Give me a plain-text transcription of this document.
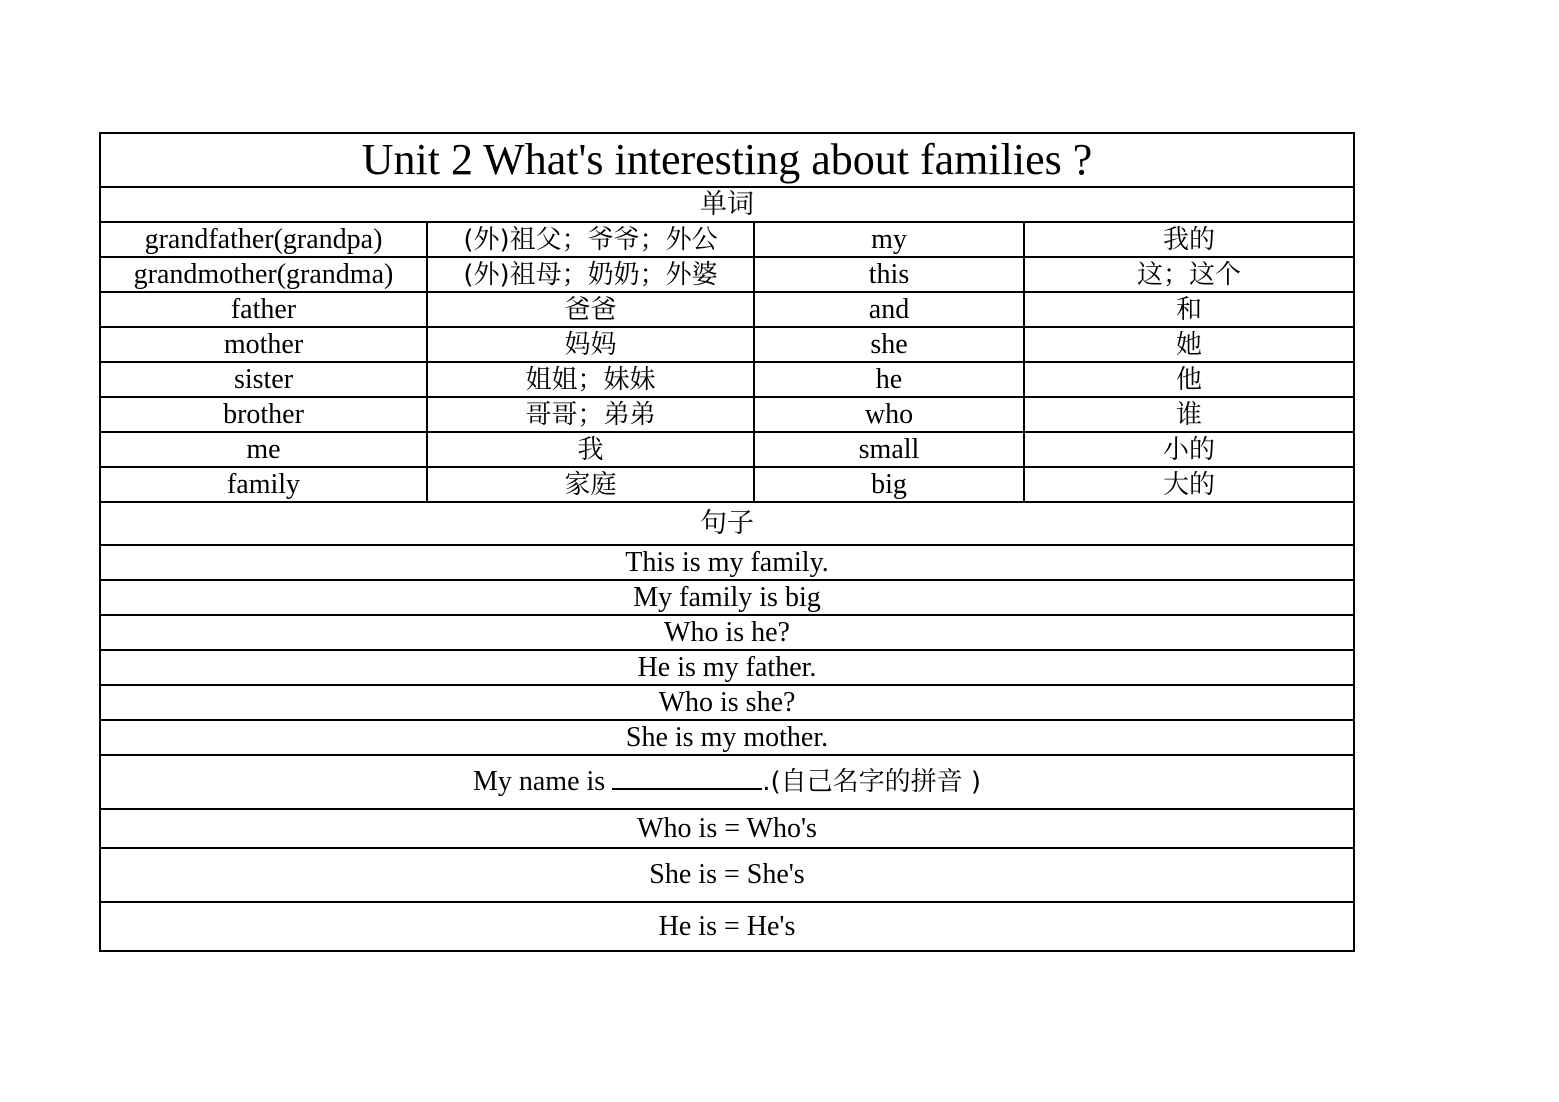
Unit 2 What's interesting about families ?			
单词			
grandfather(grandpa)	(外)祖父；爷爷；外公	my	我的
grandmother(grandma)	(外)祖母；奶奶；外婆	this	这；这个
father	爸爸	and	和
mother	妈妈	she	她
sister	姐姐；妹妹	he	他
brother	哥哥；弟弟	who	谁
me	我	small	小的
family	家庭	big	大的
句子			
This is my family.			
My family is big			
Who is he?			
He is my father.			
Who is she?			
She is my mother.			
My name is .(自己名字的拼音 )			
Who is = Who's			
She is = She's			
He is = He's			
